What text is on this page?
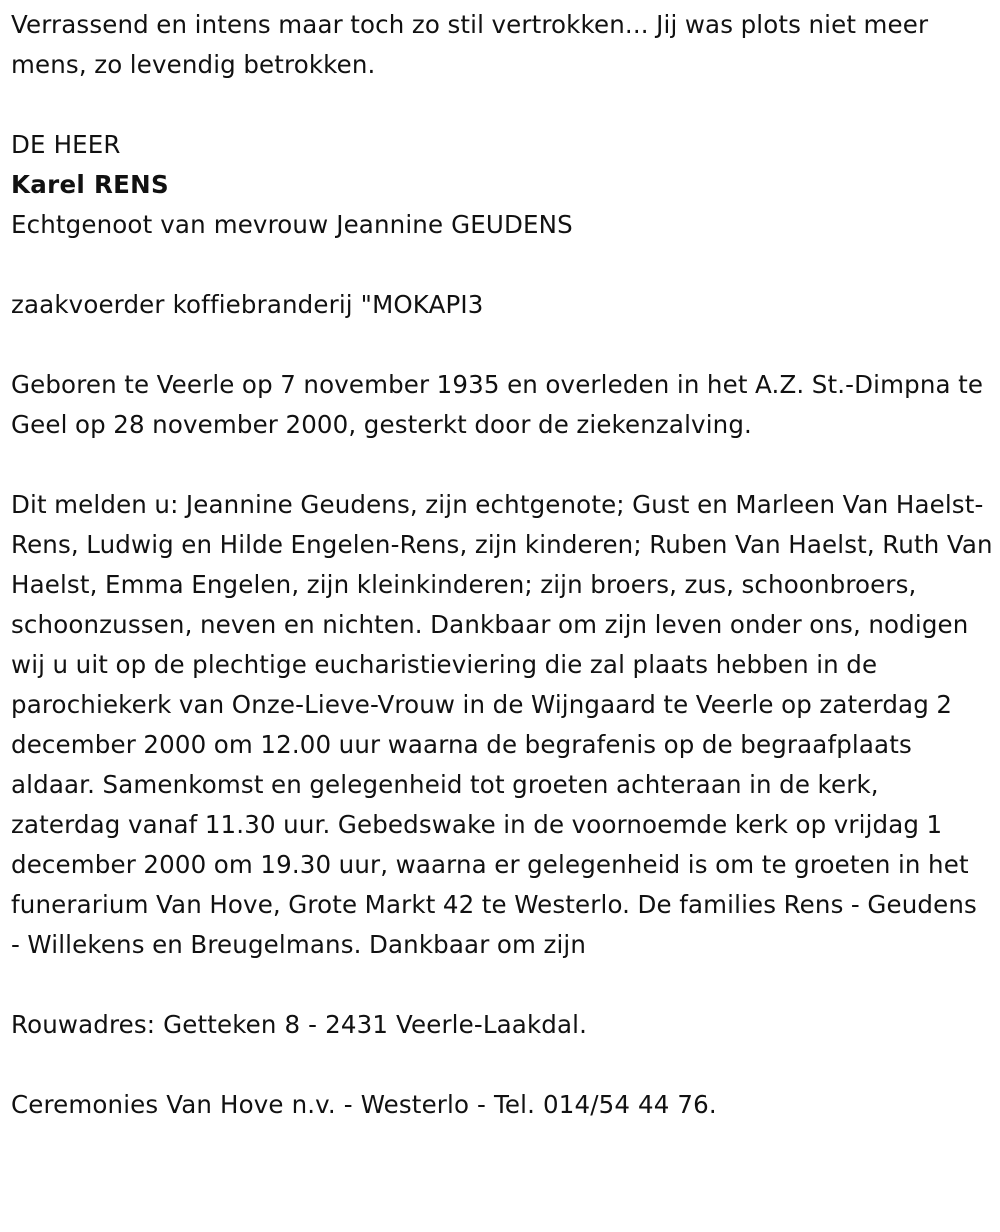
Verrassend en intens maar toch zo stil vertrokken... Jij was plots niet meer mens, zo levendig betrokken.

DE HEER

Karel RENS

Echtgenoot van mevrouw Jeannine GEUDENS

zaakvoerder koffiebranderij "MOKAPI3

Geboren te Veerle op 7 november 1935 en overleden in het A.Z. St.-Dimpna te Geel op 28 november 2000, gesterkt door de ziekenzalving.

Dit melden u: Jeannine Geudens, zijn echtgenote; Gust en Marleen Van Haelst-Rens, Ludwig en Hilde Engelen-Rens, zijn kinderen; Ruben Van Haelst, Ruth Van Haelst, Emma Engelen, zijn kleinkinderen; zijn broers, zus, schoonbroers, schoonzussen, neven en nichten. Dankbaar om zijn leven onder ons, nodigen wij u uit op de plechtige eucharistieviering die zal plaats hebben in de parochiekerk van Onze-Lieve-Vrouw in de Wijngaard te Veerle op zaterdag 2 december 2000 om 12.00 uur waarna de begrafenis op de begraafplaats aldaar. Samenkomst en gelegenheid tot groeten achteraan in de kerk, zaterdag vanaf 11.30 uur. Gebedswake in de voornoemde kerk op vrijdag 1 december 2000 om 19.30 uur, waarna er gelegenheid is om te groeten in het funerarium Van Hove, Grote Markt 42 te Westerlo. De families Rens - Geudens - Willekens en Breugelmans. Dankbaar om zijn

Rouwadres: Getteken 8 - 2431 Veerle-Laakdal.

Ceremonies Van Hove n.v. - Westerlo - Tel. 014/54 44 76.
